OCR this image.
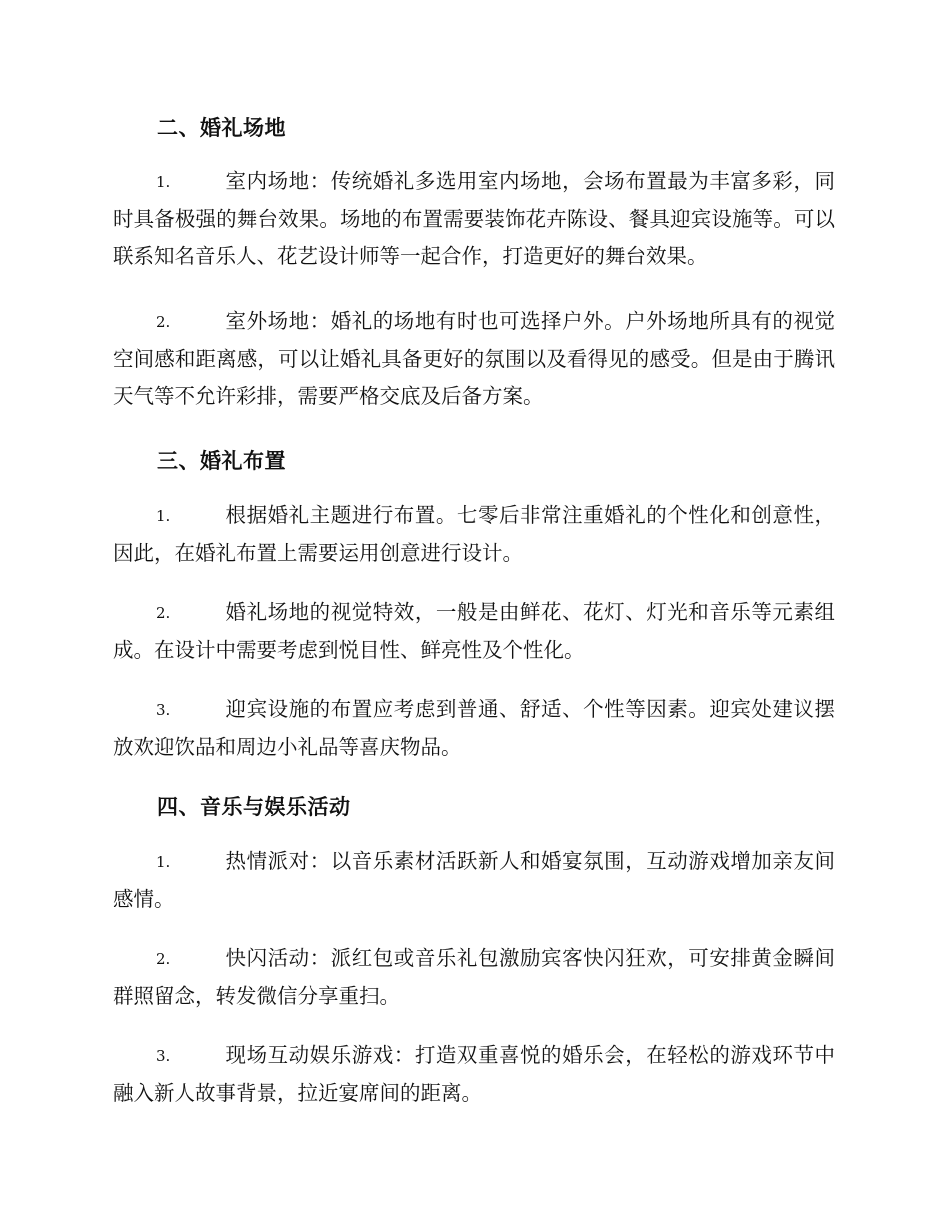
二、婚礼场地
1.	室内场地：传统婚礼多选用室内场地，会场布置最为丰富多彩，同时具备极强的舞台效果。场地的布置需要装饰花卉陈设、餐具迎宾设施等。可以联系知名音乐人、花艺设计师等一起合作，打造更好的舞台效果。
2.	室外场地：婚礼的场地有时也可选择户外。户外场地所具有的视觉空间感和距离感，可以让婚礼具备更好的氛围以及看得见的感受。但是由于腾讯天气等不允许彩排，需要严格交底及后备方案。
三、婚礼布置
1.	根据婚礼主题进行布置。七零后非常注重婚礼的个性化和创意性，因此，在婚礼布置上需要运用创意进行设计。
2.	婚礼场地的视觉特效，一般是由鲜花、花灯、灯光和音乐等元素组成。在设计中需要考虑到悦目性、鲜亮性及个性化。
3.	迎宾设施的布置应考虑到普通、舒适、个性等因素。迎宾处建议摆放欢迎饮品和周边小礼品等喜庆物品。
四、音乐与娱乐活动
1.	热情派对：以音乐素材活跃新人和婚宴氛围，互动游戏增加亲友间感情。
2.	快闪活动：派红包或音乐礼包激励宾客快闪狂欢，可安排黄金瞬间群照留念，转发微信分享重扫。
3.	现场互动娱乐游戏：打造双重喜悦的婚乐会，在轻松的游戏环节中融入新人故事背景，拉近宴席间的距离。
